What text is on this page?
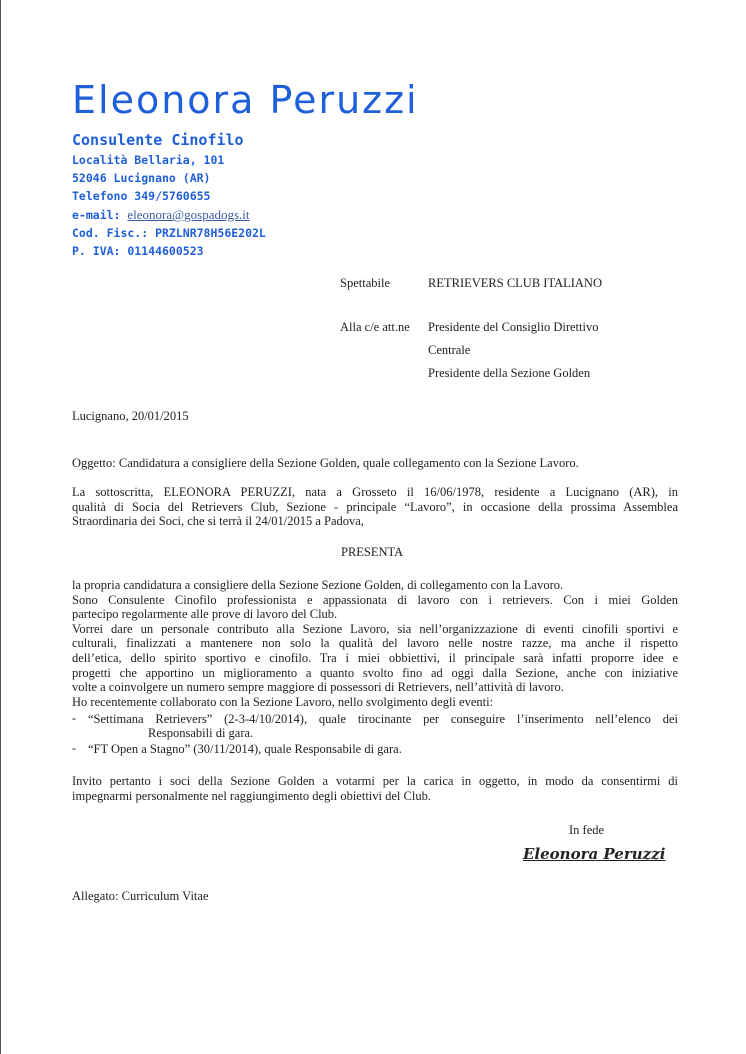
Eleonora Peruzzi
Consulente Cinofilo
Località Bellaria, 101
52046 Lucignano (AR)
Telefono 349/5760655
e-mail: eleonora@gospadogs.it
Cod. Fisc.: PRZLNR78H56E202L
P. IVA: 01144600523
Spettabile	RETRIEVERS CLUB ITALIANO
Alla c/e att.ne Presidente del Consiglio Direttivo
Centrale
Presidente della Sezione Golden
Lucignano, 20/01/2015
Oggetto: Candidatura a consigliere della Sezione Golden, quale collegamento con la Sezione Lavoro.
La sottoscritta, ELEONORA PERUZZI, nata a Grosseto il 16/06/1978, residente a Lucignano (AR), in
qualità di Socia del Retrievers Club, Sezione - principale “Lavoro”, in occasione della prossima Assemblea
Straordinaria dei Soci, che si terrà il 24/01/2015 a Padova,
PRESENTA
la propria candidatura a consigliere della Sezione Sezione Golden, di collegamento con la Lavoro.
Sono Consulente Cinofilo professionista e appassionata di lavoro con i retrievers. Con i miei Golden
partecipo regolarmente alle prove di lavoro del Club.
Vorrei dare un personale contributo alla Sezione Lavoro, sia nell’organizzazione di eventi cinofili sportivi e
culturali, finalizzati a mantenere non solo la qualità del lavoro nelle nostre razze, ma anche il rispetto
dell’etica, dello spirito sportivo e cinofilo. Tra i miei obbiettivi, il principale sarà infatti proporre idee e
progetti che apportino un miglioramento a quanto svolto fino ad oggi dalla Sezione, anche con iniziative
volte a coinvolgere un numero sempre maggiore di possessori di Retrievers, nell’attività di lavoro.
Ho recentemente collaborato con la Sezione Lavoro, nello svolgimento degli eventi:
- “Settimana Retrievers” (2-3-4/10/2014), quale tirocinante per conseguire l’inserimento nell’elenco dei
Responsabili di gara.
- “FT Open a Stagno” (30/11/2014), quale Responsabile di gara.
Invito pertanto i soci della Sezione Golden a votarmi per la carica in oggetto, in modo da consentirmi di
impegnarmi personalmente nel raggiungimento degli obiettivi del Club.
In fede
Eleonora Peruzzi
Allegato: Curriculum Vitae
